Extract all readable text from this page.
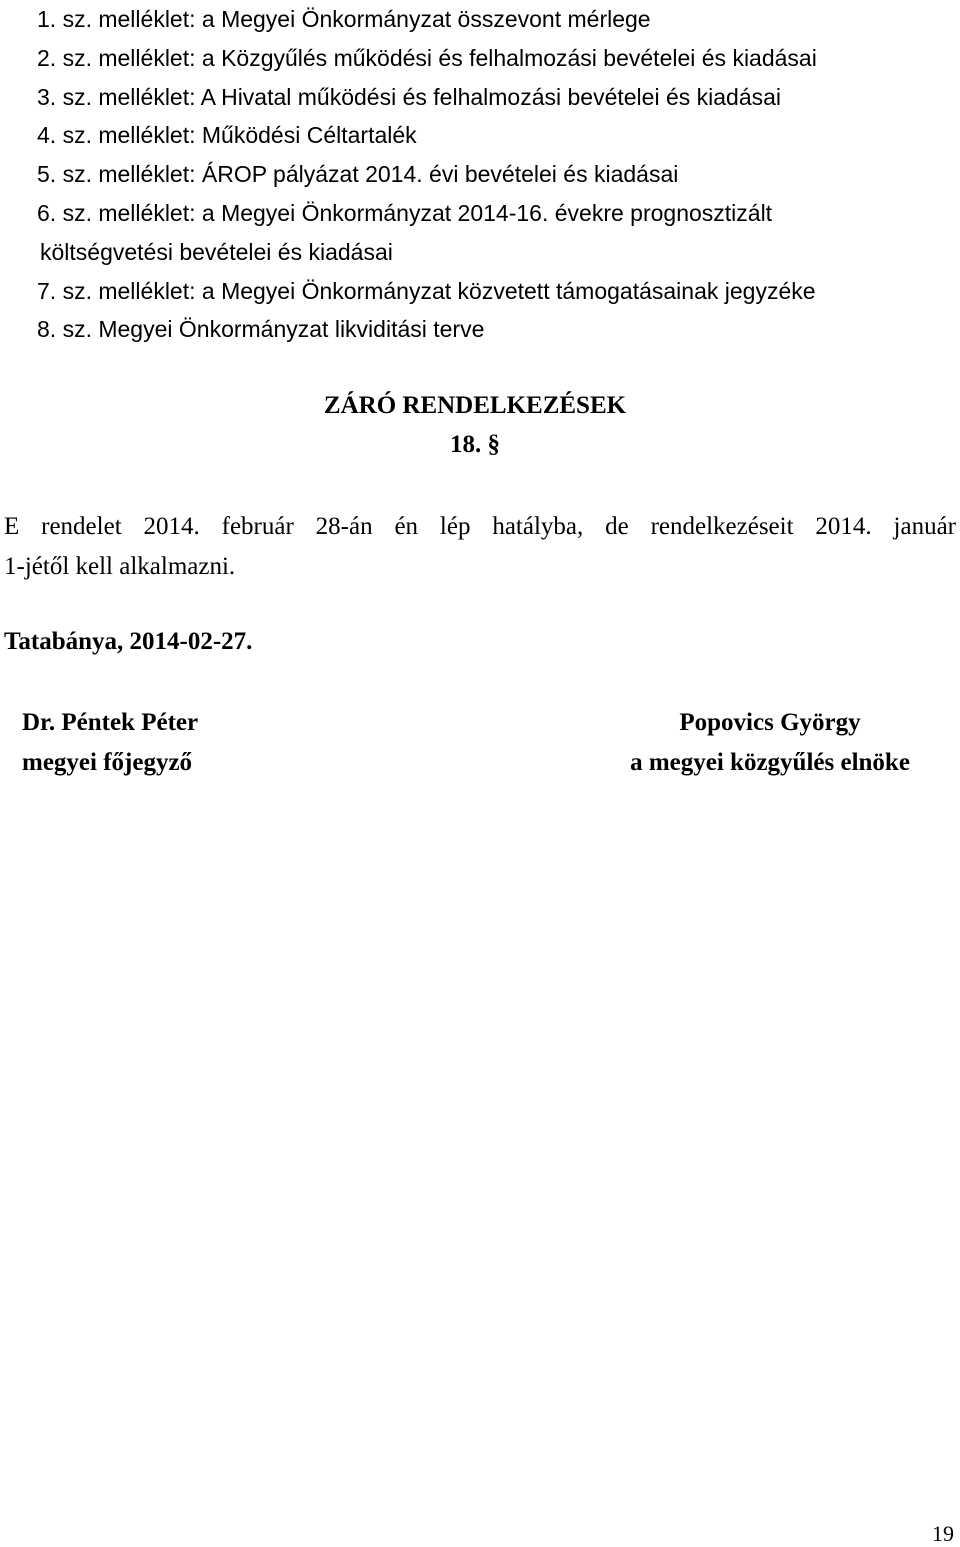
1. sz. melléklet: a Megyei Önkormányzat összevont mérlege
2. sz. melléklet: a Közgyűlés működési és felhalmozási bevételei és kiadásai
3. sz. melléklet: A Hivatal működési és felhalmozási bevételei és kiadásai
4. sz. melléklet: Működési Céltartalék
5. sz. melléklet: ÁROP pályázat 2014. évi bevételei és kiadásai
6. sz. melléklet: a Megyei Önkormányzat 2014-16. évekre prognosztizált
költségvetési bevételei és kiadásai
7. sz. melléklet: a Megyei Önkormányzat közvetett támogatásainak jegyzéke
8. sz. Megyei Önkormányzat likviditási terve
ZÁRÓ RENDELKEZÉSEK
18. §

E rendelet 2014. február 28-án én lép hatályba, de rendelkezéseit 2014. január
1-jétől kell alkalmazni.

Tatabánya, 2014-02-27.

Dr. Péntek Péter
megyei főjegyző
Popovics György
a megyei közgyűlés elnöke
19
